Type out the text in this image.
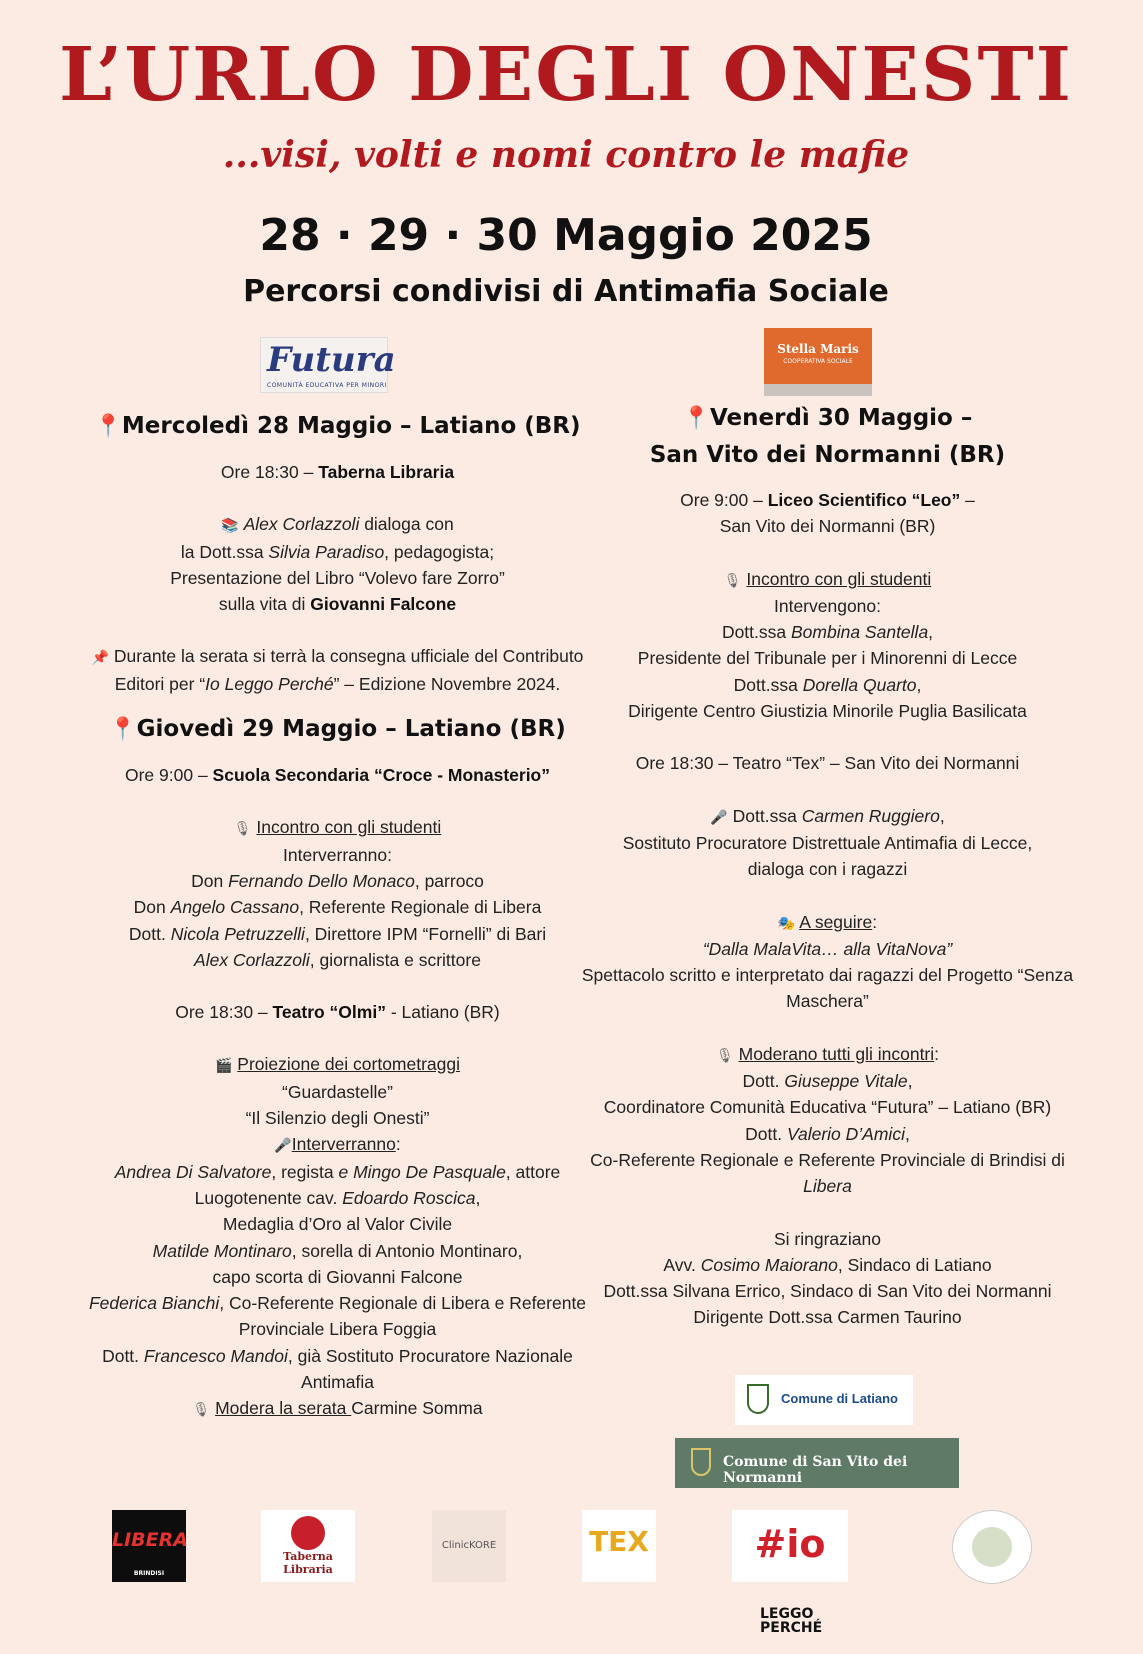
L’URLO DEGLI ONESTI

...visi, volti e nomi contro le mafie

28 · 29 · 30 Maggio 2025

Percorsi condivisi di Antimafia Sociale

Futura
COMUNITÀ EDUCATIVA PER MINORI
Stella Maris
COOPERATIVA SOCIALE
📍Mercoledì 28 Maggio – Latiano (BR)

Ore 18:30 – Taberna Libraria

📚 Alex Corlazzoli dialoga con

la Dott.ssa Silvia Paradiso, pedagogista;

Presentazione del Libro “Volevo fare Zorro”

sulla vita di Giovanni Falcone

📌 Durante la serata si terrà la consegna ufficiale del Contributo

Editori per “Io Leggo Perché” – Edizione Novembre 2024.

📍Giovedì 29 Maggio – Latiano (BR)

Ore 9:00 – Scuola Secondaria “Croce - Monasterio”

🎙 Incontro con gli studenti

Interverranno:

Don Fernando Dello Monaco, parroco

Don Angelo Cassano, Referente Regionale di Libera

Dott. Nicola Petruzzelli, Direttore IPM “Fornelli” di Bari

Alex Corlazzoli, giornalista e scrittore

Ore 18:30 – Teatro “Olmi” - Latiano (BR)

🎬 Proiezione dei cortometraggi

“Guardastelle”

“Il Silenzio degli Onesti”

🎤Interverranno:

Andrea Di Salvatore, regista e Mingo De Pasquale, attore

Luogotenente cav. Edoardo Roscica,

Medaglia d’Oro al Valor Civile

Matilde Montinaro, sorella di Antonio Montinaro,

capo scorta di Giovanni Falcone

Federica Bianchi, Co-Referente Regionale di Libera e Referente

Provinciale Libera Foggia

Dott. Francesco Mandoi, già Sostituto Procuratore Nazionale

Antimafia

🎙 Modera la serata Carmine Somma

📍Venerdì 30 Maggio –
San Vito dei Normanni (BR)

Ore 9:00 – Liceo Scientifico “Leo” –

San Vito dei Normanni (BR)

🎙 Incontro con gli studenti

Intervengono:

Dott.ssa Bombina Santella,

Presidente del Tribunale per i Minorenni di Lecce

Dott.ssa Dorella Quarto,

Dirigente Centro Giustizia Minorile Puglia Basilicata

Ore 18:30 – Teatro “Tex” – San Vito dei Normanni

🎤 Dott.ssa Carmen Ruggiero,

Sostituto Procuratore Distrettuale Antimafia di Lecce,

dialoga con i ragazzi

🎭 A seguire:

“Dalla MalaVita… alla VitaNova”

Spettacolo scritto e interpretato dai ragazzi del Progetto “Senza

Maschera”

🎙 Moderano tutti gli incontri:

Dott. Giuseppe Vitale,

Coordinatore Comunità Educativa “Futura” – Latiano (BR)

Dott. Valerio D’Amici,

Co-Referente Regionale e Referente Provinciale di Brindisi di

Libera

Si ringraziano

Avv. Cosimo Maiorano, Sindaco di Latiano

Dott.ssa Silvana Errico, Sindaco di San Vito dei Normanni

Dirigente Dott.ssa Carmen Taurino

Comune di Latiano
Comune di San Vito dei Normanni
LIBERA
BRINDISI
Taberna Libraria
ClinicKORE	TEX	#io LEGGO PERCHÉ
